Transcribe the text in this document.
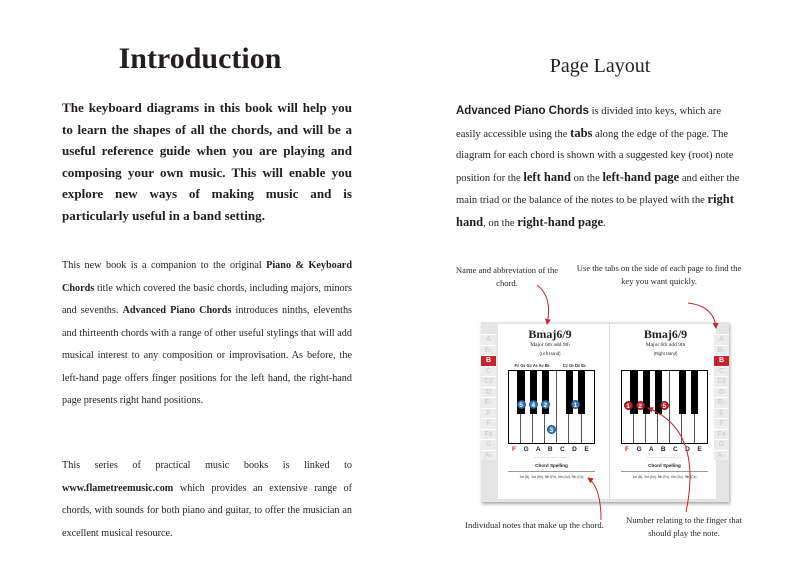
Introduction
The keyboard diagrams in this book will help you to learn the shapes of all the chords, and will be a useful reference guide when you are playing and composing your own music. This will enable you explore new ways of making music and is particularly useful in a band setting.
This new book is a companion to the original Piano & Keyboard Chords title which covered the basic chords, including majors, minors and sevenths. Advanced Piano Chords introduces ninths, elevenths and thirteenth chords with a range of other useful stylings that will add musical interest to any composition or improvisation. As before, the left-hand page offers finger positions for the left hand, the right-hand page presents right hand positions.
This series of practical music books is linked to www.flametreemusic.com which provides an extensive range of chords, with sounds for both piano and guitar, to offer the musician an excellent musical resource.
Page Layout
Advanced Piano Chords is divided into keys, which are easily accessible using the tabs along the edge of the page. The diagram for each chord is shown with a suggested key (root) note position for the left hand on the left-hand page and either the main triad or the balance of the notes to be played with the right hand, on the right-hand page.
Name and abbreviation of the chord.
Use the tabs on the side of each page to find the key you want quickly.
Individual notes that make up the chord.	Number relating to the finger that should play the note.
A
B♭
B
C
C♯
D
E♭
E
F
F♯
G
A♭
A
B♭
B
C
C♯
D
E♭
E
F
F♯
G
A♭
Bmaj6/9
Major 6th add 9th
(Left Hand)
F♯ G♭ G♯ A♭ A♯ B♭	C♯ D♭ D♯ E♭
5	4	2
3
1
F G A B C D E
— — — — — — — — — — —
Chord Spelling
1st (B), 3rd (D♯), 5th (F♯), 6th (G♯), 9th (C♯)
Bmaj6/9
Major 6th add 9th
(Right Hand)
1	2	5
F G A B C D E
— — — — — — — — — — —
Chord Spelling
1st (B), 3rd (D♯), 5th (F♯), 6th (G♯), 9th (C♯)
